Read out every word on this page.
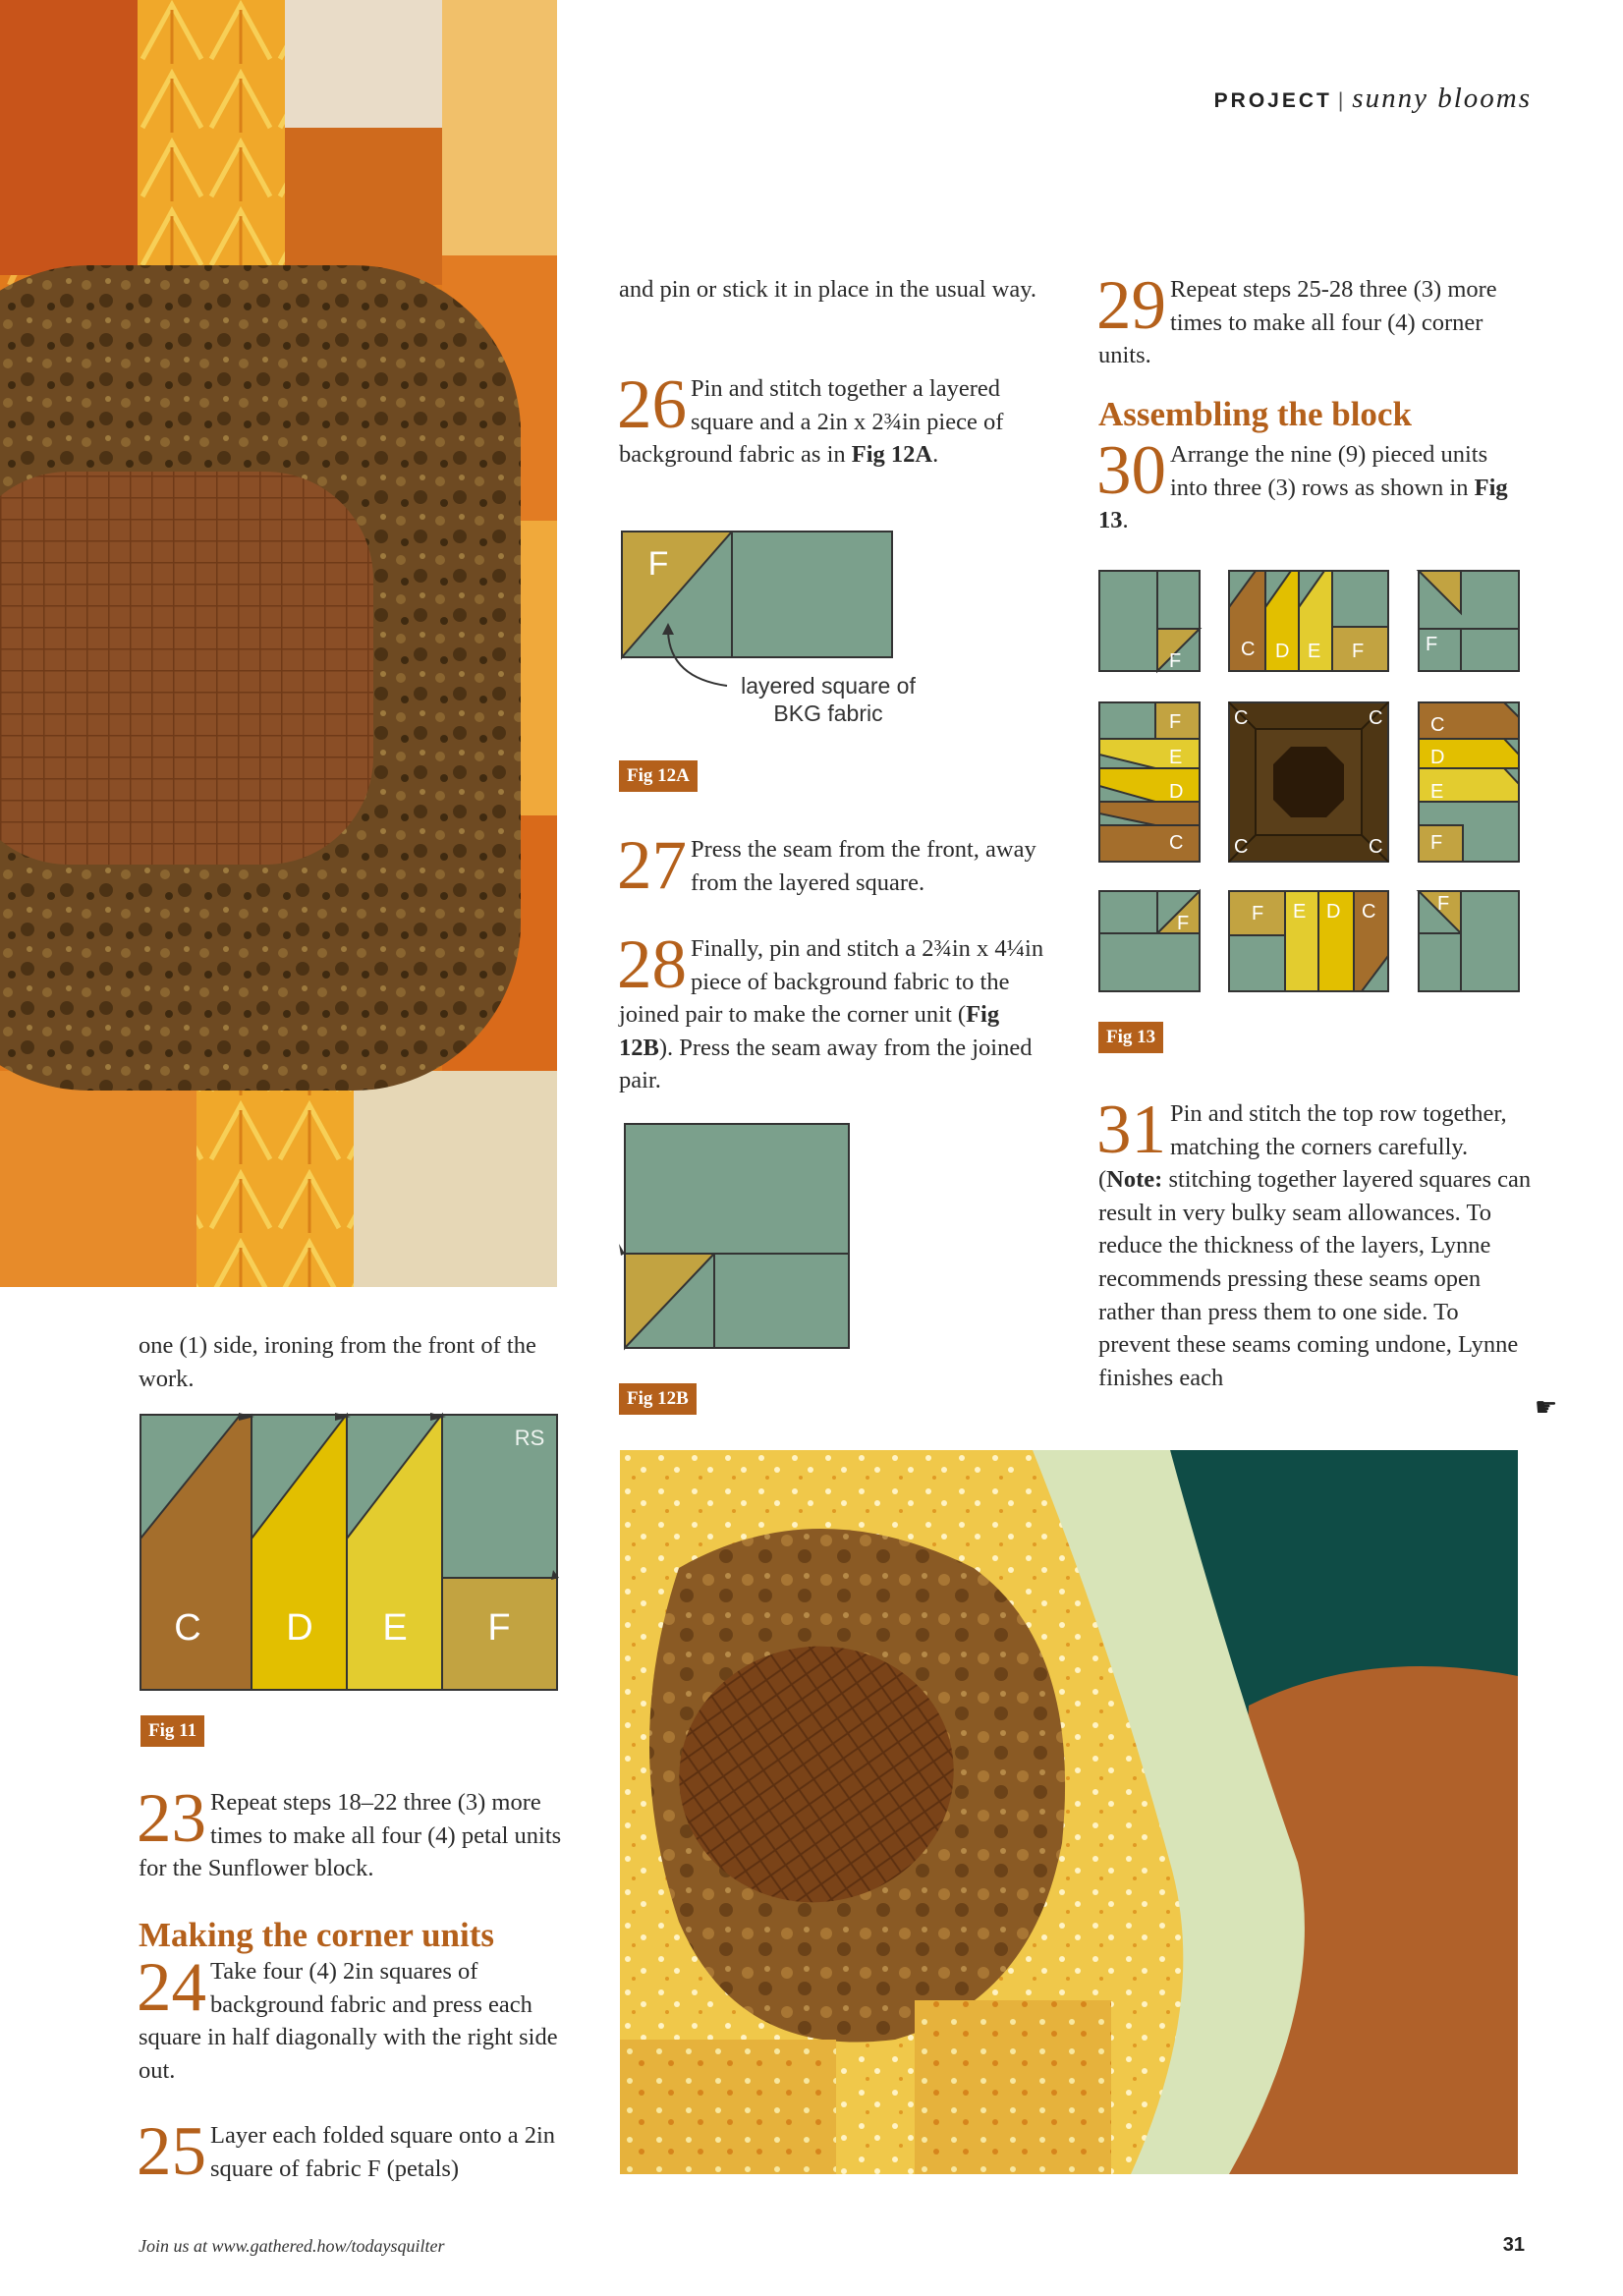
PROJECT | sunny blooms
one (1) side, ironing from the front of the work.
RS
C D E F
Fig 11
23 Repeat steps 18–22 three (3) more times to make all four (4) petal units for the Sunflower block.
Making the corner units
24 Take four (4) 2in squares of background fabric and press each square in half diagonally with the right side out.
25 Layer each folded square onto a 2in square of fabric F (petals)
and pin or stick it in place in the usual way.
26 Pin and stitch together a layered square and a 2in x 2¾in piece of background fabric as in Fig 12A.
F
layered square of
BKG fabric
Fig 12A
27 Press the seam from the front, away from the layered square.
28 Finally, pin and stitch a 2¾in x 4¼in piece of background fabric to the joined pair to make the corner unit (Fig 12B). Press the seam away from the joined pair.
Fig 12B
29 Repeat steps 25-28 three (3) more times to make all four (4) corner units.
Assembling the block
30 Arrange the nine (9) pieced units into three (3) rows as shown in Fig 13.
F
C D E F	F
F
E
D
C
C	C
C	C
C
D
E
F
F	F E D C	F
Fig 13
31 Pin and stitch the top row together, matching the corners carefully. (Note: stitching together layered squares can result in very bulky seam allowances. To reduce the thickness of the layers, Lynne recommends pressing these seams open rather than press them to one side. To prevent these seams coming undone, Lynne finishes each
☛
Join us at www.gathered.how/todaysquilter	31
